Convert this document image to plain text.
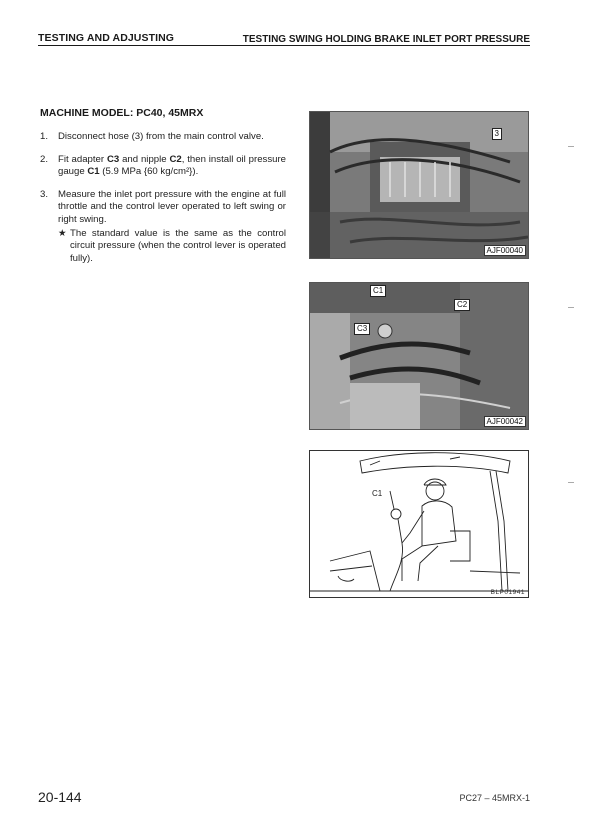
TESTING AND ADJUSTING	TESTING SWING HOLDING BRAKE INLET PORT PRESSURE
MACHINE MODEL: PC40, 45MRX
1.	Disconnect hose (3) from the main control valve.
2.	Fit adapter C3 and nipple C2, then install oil pressure gauge C1 (5.9 MPa {60 kg/cm²}).
3.	Measure the inlet port pressure with the engine at full throttle and the control lever operated to left swing or right swing.
★ The standard value is the same as the control circuit pressure (when the control lever is operated fully).
3
AJF00040
C1
C2
C3
AJF00042
C1
BLP01941
20-144	PC27 – 45MRX-1
